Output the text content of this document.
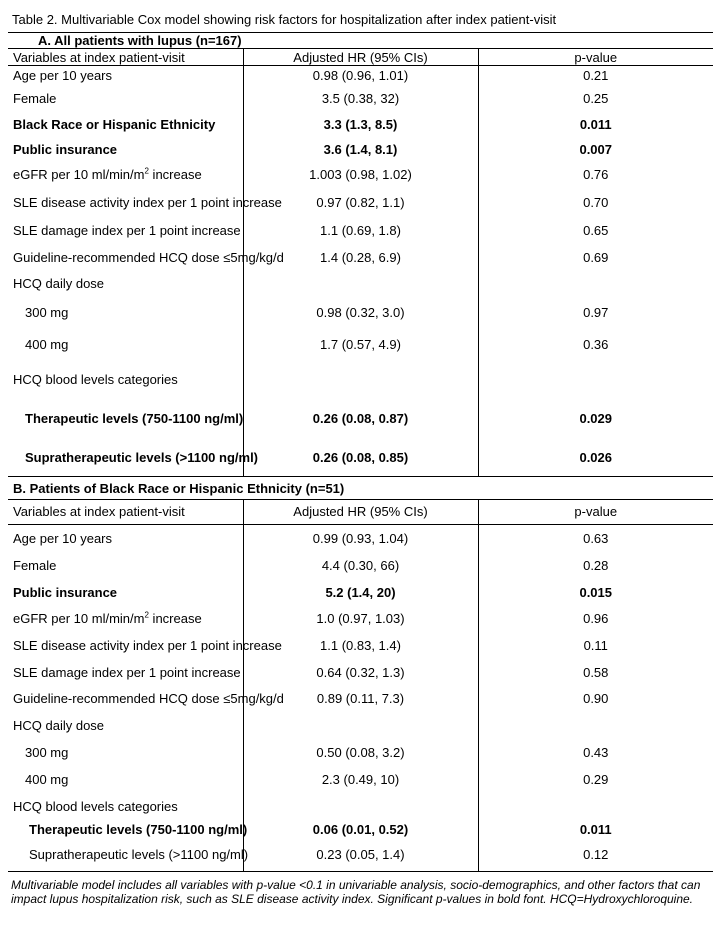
Table 2. Multivariable Cox model showing risk factors for hospitalization after index patient-visit
A. All patients with lupus (n=167)		
Variables at index patient-visit	Adjusted HR (95% CIs)	p-value
Age per 10 years	0.98 (0.96, 1.01)	0.21
Female	3.5 (0.38, 32)	0.25
Black Race or Hispanic Ethnicity	3.3 (1.3, 8.5)	0.011
Public insurance	3.6 (1.4, 8.1)	0.007
eGFR per 10 $ml/\min/m^2$ increase	1.003 (0.98, 1.02)	0.76
SLE disease activity index per 1 point increase	0.97 (0.82, 1.1)	0.70
SLE damage index per 1 point increase	1.1 (0.69, 1.8)	0.65
Guideline-recommended HCQ dose ≤5mg/kg/d	1.4 (0.28, 6.9)	0.69
HCQ daily dose		
300 mg	0.98 (0.32, 3.0)	0.97
400 mg	1.7 (0.57, 4.9)	0.36
HCQ blood levels categories		
Therapeutic levels (750-1100 ng/ml)	0.26 (0.08, 0.87)	0.029
Supratherapeutic levels (>1100 ng/ml)	0.26 (0.08, 0.85)	0.026
B. Patients of Black Race or Hispanic Ethnicity (n=51)		
Variables at index patient-visit	Adjusted HR (95% CIs)	p-value
Age per 10 years	0.99 (0.93, 1.04)	0.63
Female	4.4 (0.30, 66)	0.28
Public insurance	5.2 (1.4, 20)	0.015
eGFR per 10 $ml/\min/m^2$ increase	1.0 (0.97, 1.03)	0.96
SLE disease activity index per 1 point increase	1.1 (0.83, 1.4)	0.11
SLE damage index per 1 point increase	0.64 (0.32, 1.3)	0.58
Guideline-recommended HCQ dose ≤5mg/kg/d	0.89 (0.11, 7.3)	0.90
HCQ daily dose		
300 mg	0.50 (0.08, 3.2)	0.43
400 mg	2.3 (0.49, 10)	0.29
HCQ blood levels categories		
Therapeutic levels (750-1100 ng/ml)	0.06 (0.01, 0.52)	0.011
Supratherapeutic levels (>1100 ng/ml)	0.23 (0.05, 1.4)	0.12
Multivariable model includes all variables with p-value <0.1 in univariable analysis, socio-demographics, and other factors that can impact lupus hospitalization risk, such as SLE disease activity index. Significant p-values in bold font. HCQ=Hydroxychloroquine.
